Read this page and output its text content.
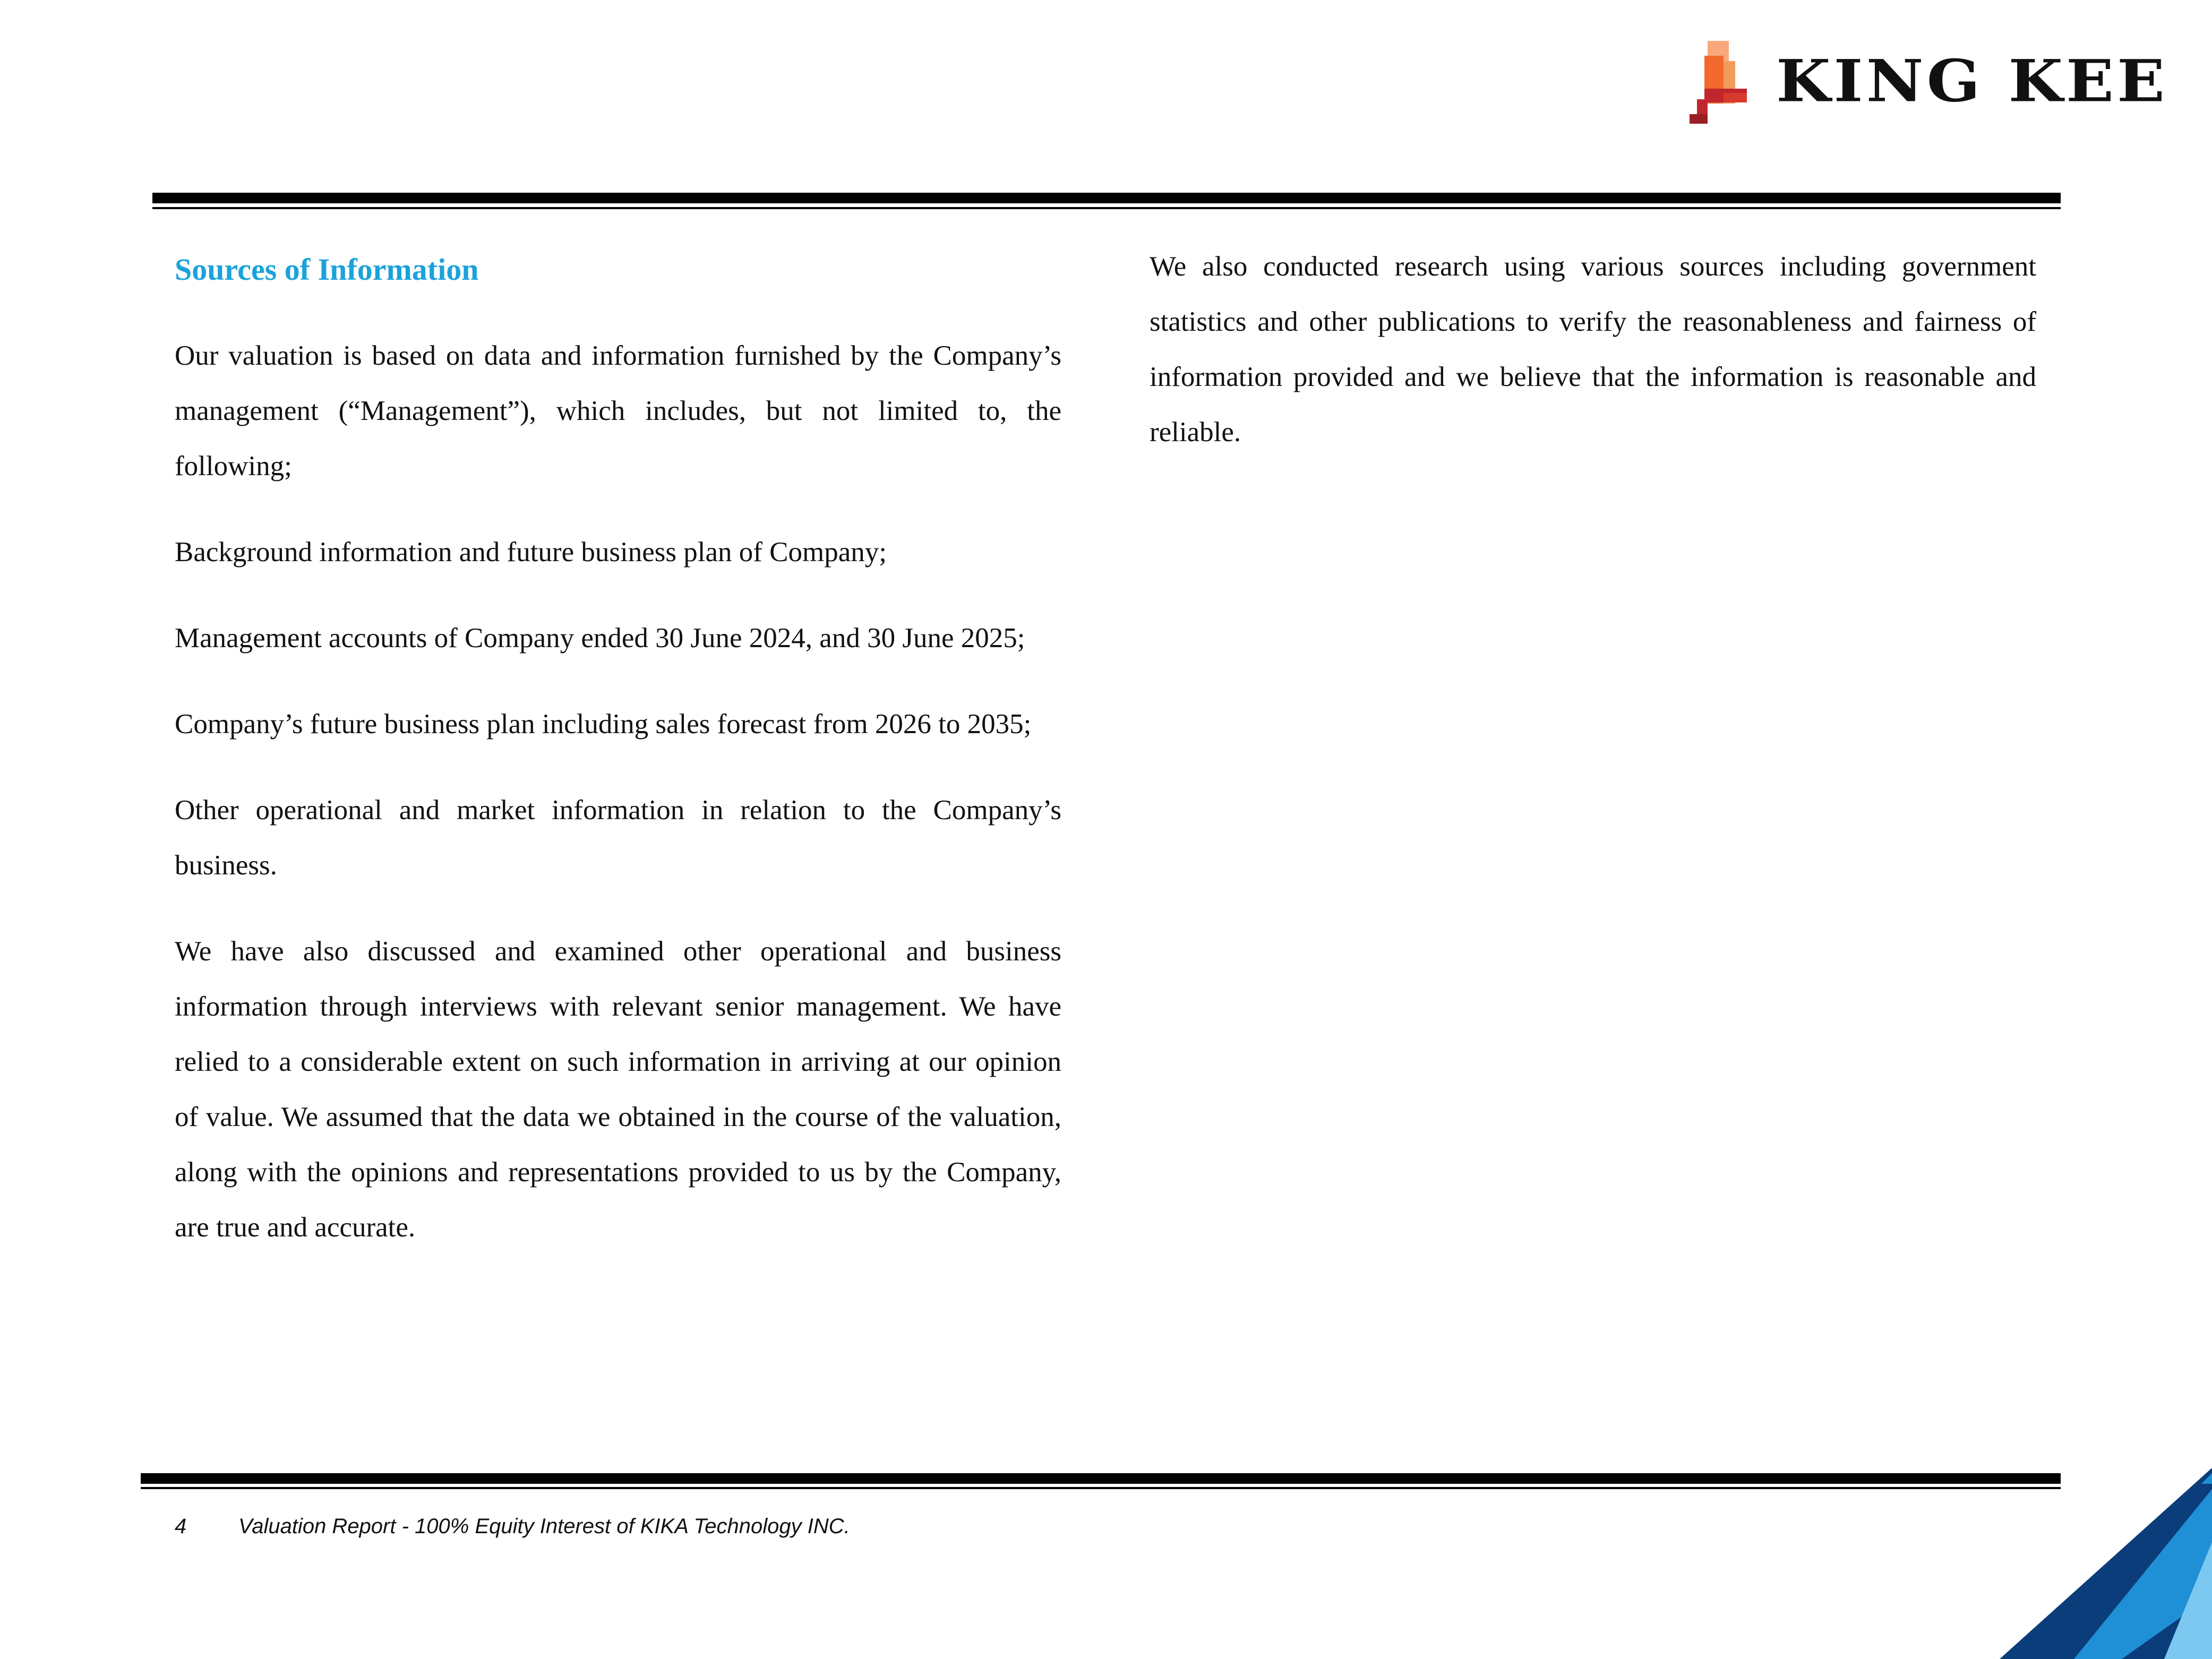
KING KEE
Sources of Information

Our valuation is based on data and information furnished by the Company’s management (“Management”), which includes, but not limited to, the following;

Background information and future business plan of Company;

Management accounts of Company ended 30 June 2024, and 30 June 2025;

Company’s future business plan including sales forecast from 2026 to 2035;

Other operational and market information in relation to the Company’s business.

We have also discussed and examined other operational and business information through interviews with relevant senior management. We have relied to a considerable extent on such information in arriving at our opinion of value. We assumed that the data we obtained in the course of the valuation, along with the opinions and representations provided to us by the Company, are true and accurate.

We also conducted research using various sources including government statistics and other publications to verify the reasonableness and fairness of information provided and we believe that the information is reasonable and reliable.

4 Valuation Report - 100% Equity Interest of KIKA Technology INC.
